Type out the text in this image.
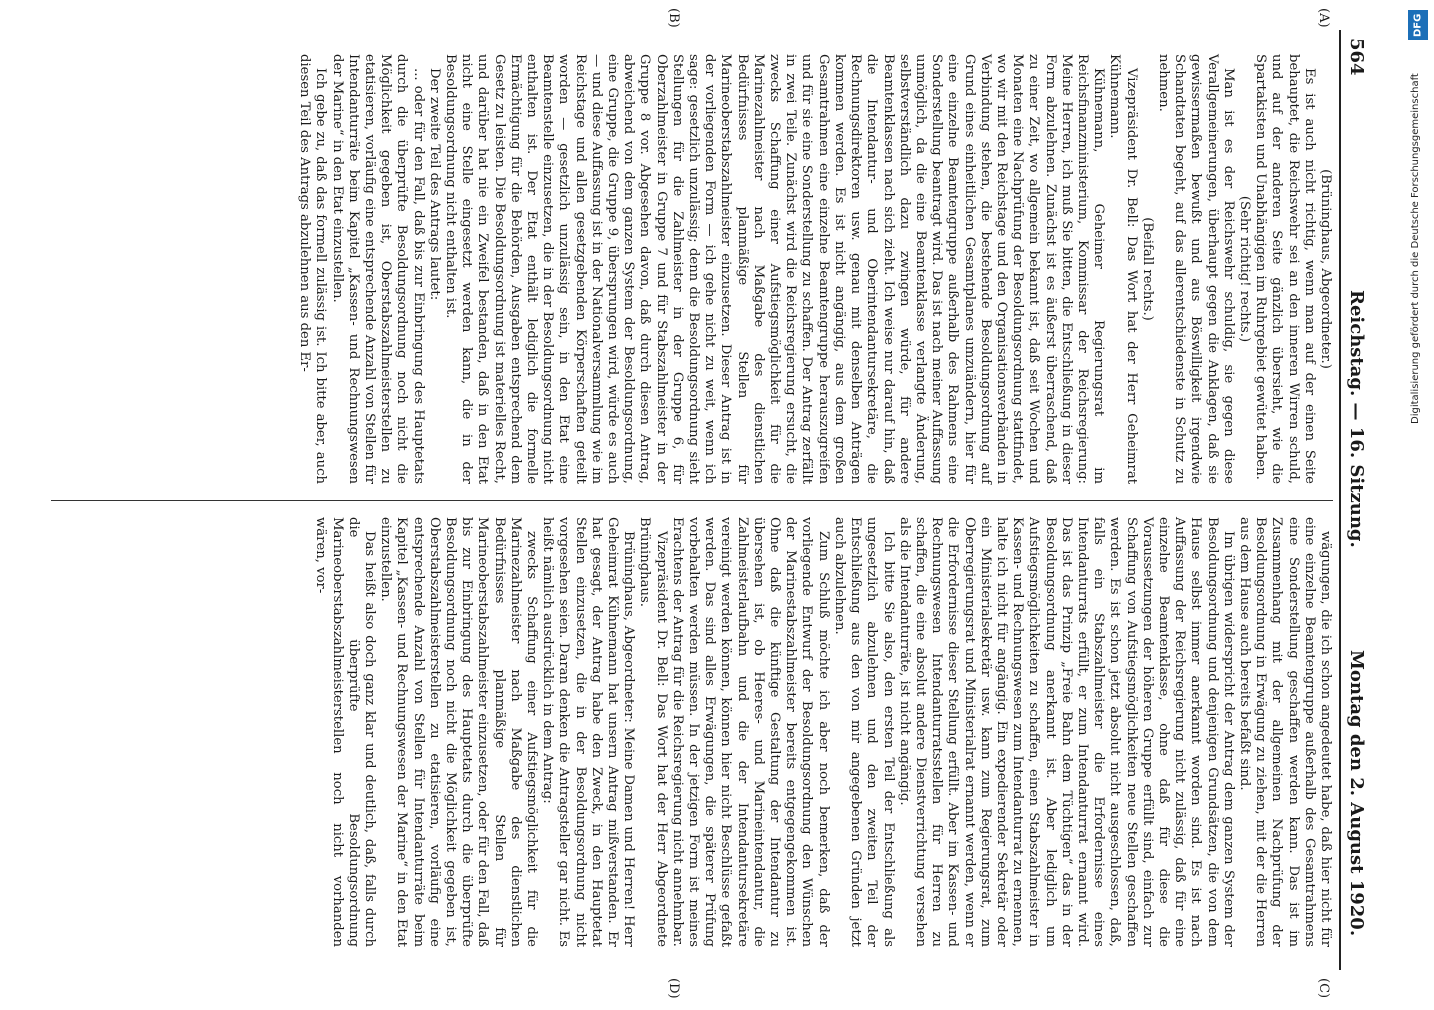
564
Reichstag. — 16. Sitzung.
Montag den 2. August 1920.
(A)
(B)
(C)
(D)

(Brüninghaus, Abgeordneter.)

Es ist auch nicht richtig, wenn man auf der einen Seite behauptet, die Reichswehr sei an den inneren Wirren schuld, und auf der anderen Seite gänzlich übersieht, wie die Spartakisten und Unabhängigen im Ruhrgebiet gewütet haben.

(Sehr richtig! rechts.)

Man ist es der Reichswehr schuldig, sie gegen diese Verallgemeinerungen, überhaupt gegen die Anklagen, daß sie gewissermaßen bewußt und aus Böswilligkeit irgendwie Schandtaten begeht, auf das allerentschiedenste in Schutz zu nehmen.

(Beifall rechts.)

Vizepräsident Dr. Bell: Das Wort hat der Herr Geheimrat Kühnemann.

Kühnemann, Geheimer Regierungsrat im Reichsfinanzministerium, Kommissar der Reichsregierung: Meine Herren, ich muß Sie bitten, die Entschließung in dieser Form abzulehnen. Zunächst ist es äußerst überraschend, daß zu einer Zeit, wo allgemein bekannt ist, daß seit Wochen und Monaten eine Nachprüfung der Besoldungsordnung stattfindet, wo wir mit den Reichstage und den Organisationsverbänden in Verbindung stehen, die bestehende Besoldungsordnung auf Grund eines einheitlichen Gesamtplanes umzuändern, hier für eine einzelne Beamtengruppe außerhalb des Rahmens eine Sonderstellung beantragt wird. Das ist nach meiner Auffassung unmöglich, da die eine Beamtenklasse verlangte Änderung, selbstverständlich dazu zwingen würde, für andere Beamtenklassen nach sich zieht. Ich weise nur darauf hin, daß die Intendantur- und Oberintendantursekretäre, die Rechnungsdirektoren usw. genau mit denselben Anträgen kommen werden. Es ist nicht angängig, aus dem großen Gesamtrahmen eine einzelne Beamtengruppe herauszugreifen und für sie eine Sonderstellung zu schaffen. Der Antrag zerfällt in zwei Teile. Zunächst wird die Reichsregierung ersucht, die zwecks Schaffung einer Aufstiegsmöglichkeit für die Marinezahlmeister nach Maßgabe des dienstlichen Bedürfnisses planmäßige Stellen für Marineoberstabszahlmeister einzusetzen. Dieser Antrag ist in der vorliegenden Form — ich gehe nicht zu weit, wenn ich sage: gesetzlich unzulässig; denn die Besoldungsordnung sieht Stellungen für die Zahlmeister in der Gruppe 6, für Oberzahlmeister in Gruppe 7 und für Stabszahlmeister in der Gruppe 8 vor. Abgesehen davon, daß durch diesen Antrag, abweichend von dem ganzen System der Besoldungsordnung, eine Gruppe, die Gruppe 9, übersprungen wird, würde es auch — und diese Auffassung ist in der Nationalversammlung wie im Reichstage und allen gesetzgebenden Körperschaften geteilt worden — gesetzlich unzulässig sein, in den Etat eine Beamtenstelle einzusetzen, die in der Besoldungsordnung nicht enthalten ist. Der Etat enthält lediglich die formelle Ermächtigung für die Behörden, Ausgaben entsprechend dem Gesetz zu leisten. Die Besoldungsordnung ist materielles Recht, und darüber hat nie ein Zweifel bestanden, daß in den Etat nicht eine Stelle eingesetzt werden kann, die in der Besoldungsordnung nicht enthalten ist.

Der zweite Teil des Antrags lautet:

... oder für den Fall, daß bis zur Einbringung des Hauptetats durch die überprüfte Besoldungsordnung noch nicht die Möglichkeit gegeben ist, Oberstabszahlmeisterstellen zu etatisieren, vorläufig eine entsprechende Anzahl von Stellen für Intendanturräte beim Kapitel „Kassen- und Rechnungswesen der Marine“ in den Etat einzustellen.

Ich gebe zu, daß das formell zulässig ist. Ich bitte aber, auch diesen Teil des Antrags abzulehnen aus den Er-

wägungen, die ich schon angedeutet habe, daß hier nicht für eine einzelne Beamtengruppe außerhalb des Gesamtrahmens eine Sonderstellung geschaffen werden kann. Das ist im Zusammenhang mit der allgemeinen Nachprüfung der Besoldungsordnung in Erwägung zu ziehen, mit der die Herren aus dem Hause auch bereits befaßt sind.

Im übrigen widerspricht der Antrag dem ganzen System der Besoldungsordnung und denjenigen Grundsätzen, die von dem Hause selbst immer anerkannt worden sind. Es ist nach Auffassung der Reichsregierung nicht zulässig, daß für eine einzelne Beamtenklasse, ohne daß für diese die Voraussetzungen der höheren Gruppe erfüllt sind, einfach zur Schaffung von Aufstiegsmöglichkeiten neue Stellen geschaffen werden. Es ist schon jetzt absolut nicht ausgeschlossen, daß, falls ein Stabszahlmeister die Erfordernisse eines Intendanturrats erfüllt, er zum Intendanturrat ernannt wird. Das ist das Prinzip „Freie Bahn dem Tüchtigen“ das in der Besoldungsordnung anerkannt ist. Aber lediglich um Aufstiegsmöglichkeiten zu schaffen, einen Stabszahlmeister in Kassen- und Rechnungswesen zum Intendanturrat zu ernennen, halte ich nicht für angängig. Ein expedierender Sekretär oder ein Ministerialsekretär usw. kann zum Regierungsrat, zum Oberregierungsrat und Ministerialrat ernannt werden, wenn er die Erfordernisse dieser Stellung erfüllt. Aber im Kassen- und Rechnungswesen Intendanturratsstellen für Herren zu schaffen, die eine absolut andere Dienstverrichtung versehen als die Intendanturräte, ist nicht angängig.

Ich bitte Sie also, den ersten Teil der Entschließung als ungesetzlich abzulehnen und den zweiten Teil der Entschließung aus den von mir angegebenen Gründen jetzt auch abzulehnen.

Zum Schluß möchte ich aber noch bemerken, daß der vorliegende Entwurf der Besoldungsordnung den Wünschen der Marinestabszahlmeister bereits entgegengekommen ist. Ohne daß die künftige Gestaltung der Intendantur zu übersehen ist, ob Heeres- und Marineintendantur, die Zahlmeisterlaufbahn und die der Intendantursekretäre vereinigt werden können, können hier nicht Beschlüsse gefaßt werden. Das sind alles Erwägungen, die späterer Prüfung vorbehalten werden müssen. In der jetzigen Form ist meines Erachtens der Antrag für die Reichsregierung nicht annehmbar.

Vizepräsident Dr. Bell: Das Wort hat der Herr Abgeordnete Brüninghaus.

Brüninghaus, Abgeordneter: Meine Damen und Herren! Herr Geheimrat Kühnemann hat unsern Antrag mißverstanden. Er hat gesagt, der Antrag habe den Zweck, in den Hauptetat Stellen einzusetzen, die in der Besoldungsordnung nicht vorgesehen seien. Daran denken die Antragsteller gar nicht. Es heißt nämlich ausdrücklich in dem Antrag:

zwecks Schaffung einer Aufstiegsmöglichkeit für die Marinezahlmeister nach Maßgabe des dienstlichen Bedürfnisses planmäßige Stellen für Marineoberstabszahlmeister einzusetzen, oder für den Fall, daß bis zur Einbringung des Hauptetats durch die überprüfte Besoldungsordnung noch nicht die Möglichkeit gegeben ist, Oberstabszahlmeisterstellen zu etatisieren, vorläufig eine entsprechende Anzahl von Stellen für Intendanturräte beim Kapitel „Kassen- und Rechnungswesen der Marine“ in den Etat einzustellen.

Das heißt also doch ganz klar und deutlich, daß, falls durch die überprüfte Besoldungsordnung Marineoberstabszahlmeisterstellen noch nicht vorhanden wären, vor-

DFG
Digitalisierung gefördert durch die Deutsche Forschungsgemeinschaft
